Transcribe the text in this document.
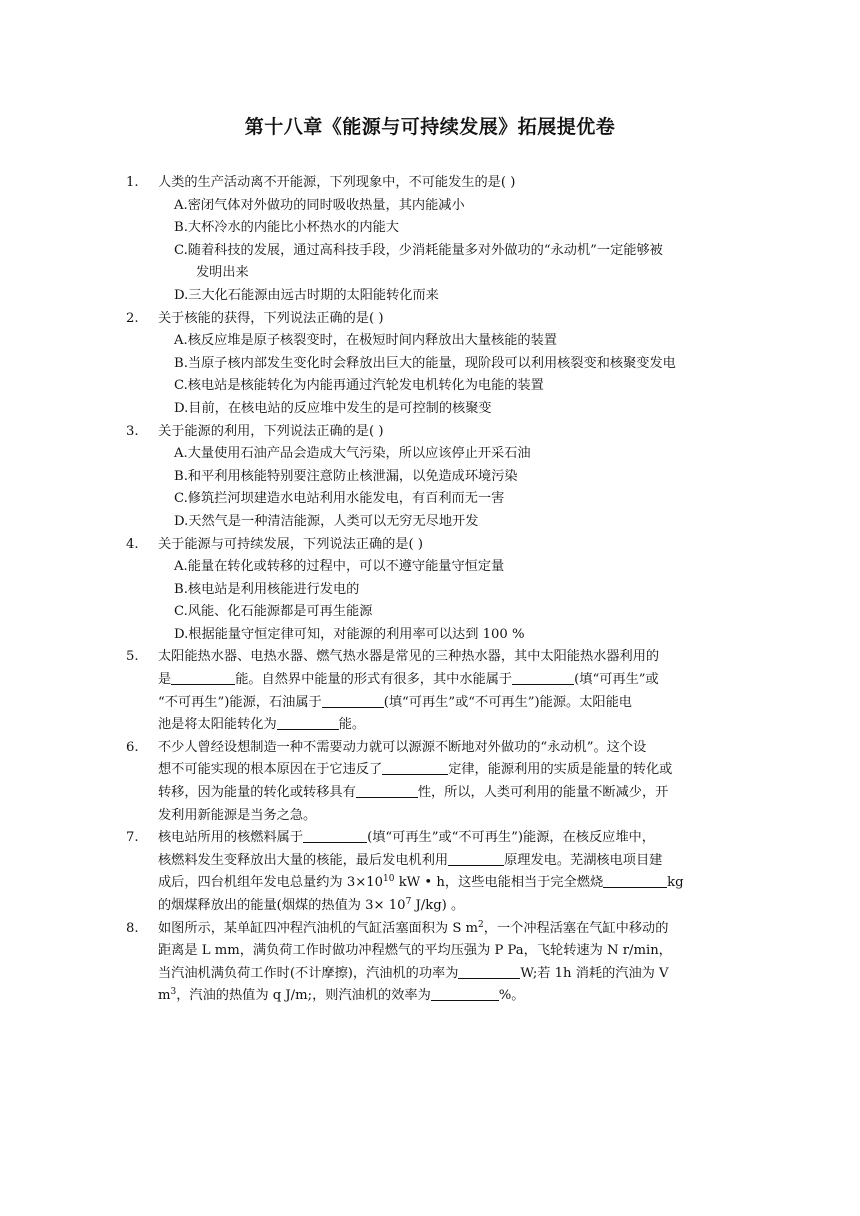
第十八章《能源与可持续发展》拓展提优卷
1.	人类的生产活动离不开能源，下列现象中，不可能发生的是( )
A.密闭气体对外做功的同时吸收热量，其内能减小
B.大杯冷水的内能比小杯热水的内能大
C.随着科技的发展，通过高科技手段，少消耗能量多对外做功的“永动机”一定能够被
发明出来
D.三大化石能源由远古时期的太阳能转化而来
2.	关于核能的获得，下列说法正确的是( )
A.核反应堆是原子核裂变时，在极短时间内释放出大量核能的装置
B.当原子核内部发生变化时会释放出巨大的能量，现阶段可以利用核裂变和核聚变发电
C.核电站是核能转化为内能再通过汽轮发电机转化为电能的装置
D.目前，在核电站的反应堆中发生的是可控制的核聚变
3.	关于能源的利用，下列说法正确的是( )
A.大量使用石油产品会造成大气污染，所以应该停止开采石油
B.和平利用核能特别要注意防止核泄漏，以免造成环境污染
C.修筑拦河坝建造水电站利用水能发电，有百利而无一害
D.天然气是一种清洁能源，人类可以无穷无尽地开发
4.	关于能源与可持续发展，下列说法正确的是( )
A.能量在转化或转移的过程中，可以不遵守能量守恒定量
B.核电站是利用核能进行发电的
C.风能、化石能源都是可再生能源
D.根据能量守恒定律可知，对能源的利用率可以达到 100 %
5.	太阳能热水器、电热水器、燃气热水器是常见的三种热水器，其中太阳能热水器利用的
是	能。自然界中能量的形式有很多，其中水能属于	(填“可再生”或
“不可再生”)能源，石油属于	(填“可再生”或“不可再生”)能源。太阳能电
池是将太阳能转化为	能。
6.	不少人曾经设想制造一种不需要动力就可以源源不断地对外做功的“永动机”。这个设
想不可能实现的根本原因在于它违反了	定律，能源利用的实质是能量的转化或
转移，因为能量的转化或转移具有	性，所以，人类可利用的能量不断减少，开
发利用新能源是当务之急。
7.	核电站所用的核燃料属于	(填“可再生”或“不可再生”)能源，在核反应堆中，
核燃料发生变释放出大量的核能，最后发电机利用	原理发电。芜湖核电项目建
成后，四台机组年发电总量约为 $3\times 10^{10}$ kW • h，这些电能相当于完全燃烧	kg
的烟煤释放出的能量(烟煤的热值为 $3\times 10^7$ J/kg) 。
8.	如图所示，某单缸四冲程汽油机的气缸活塞面积为 S $m^2$，一个冲程活塞在气缸中移动的
距离是 L mm，满负荷工作时做功冲程燃气的平均压强为 P Pa，飞轮转速为 N r/min，
当汽油机满负荷工作时(不计摩擦)，汽油机的功率为	W;若 1h 消耗的汽油为 V
$m^3$，汽油的热值为 q J/m;，则汽油机的效率为	%。
